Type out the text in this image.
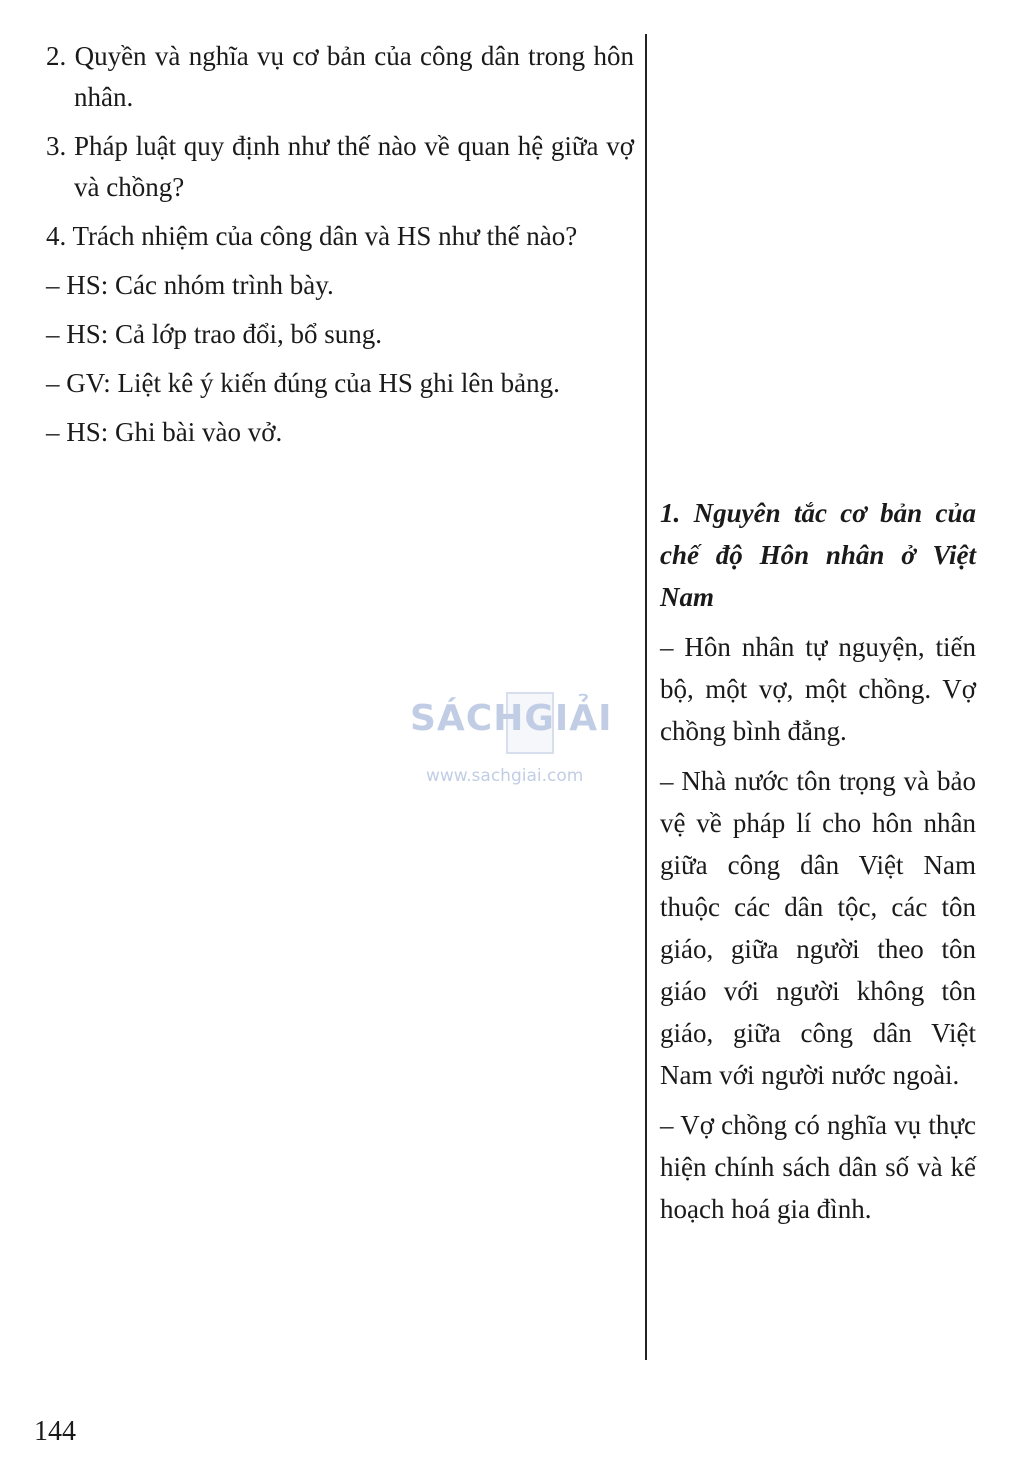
2. Quyền và nghĩa vụ cơ bản của công dân trong hôn nhân.
3. Pháp luật quy định như thế nào về quan hệ giữa vợ và chồng?
4. Trách nhiệm của công dân và HS như thế nào?
– HS: Các nhóm trình bày.
– HS: Cả lớp trao đổi, bổ sung.
– GV: Liệt kê ý kiến đúng của HS ghi lên bảng.
– HS: Ghi bài vào vở.
1. Nguyên tắc cơ bản của chế độ Hôn nhân ở Việt Nam
– Hôn nhân tự nguyện, tiến bộ, một vợ, một chồng. Vợ chồng bình đẳng.
– Nhà nước tôn trọng và bảo vệ về pháp lí cho hôn nhân giữa công dân Việt Nam thuộc các dân tộc, các tôn giáo, giữa người theo tôn giáo với người không tôn giáo, giữa công dân Việt Nam với người nước ngoài.
– Vợ chồng có nghĩa vụ thực hiện chính sách dân số và kế hoạch hoá gia đình.
SÁCHGIẢI
www.sachgiai.com
144
